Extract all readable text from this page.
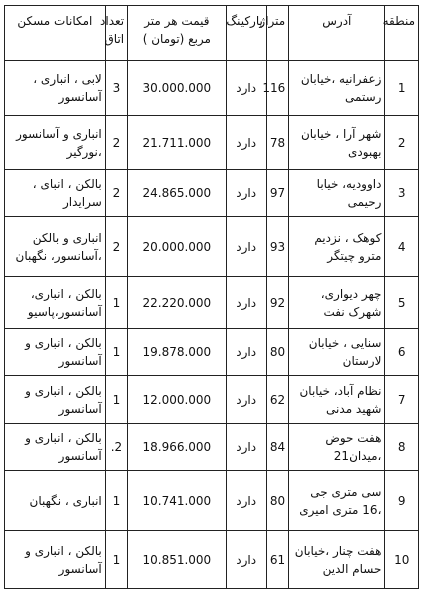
منطقه	آدرس	متراژ	پارکینگ	قیمت هر متر مربع (تومان )	تعداد اتاق	امکانات مسکن
1	زعفرانیه ،خیابان رستمی	116	دارد	30.000.000	3	لابی ، انباری ، آسانسور
2	شهر آرا ، خیابان بهبودی	78	دارد	21.711.000	2	انباری و آسانسور ،نورگیر
3	داوودیه، خیابا رحیمی	97	دارد	24.865.000	2	بالکن ، انبای ، سرایدار
4	کوهک ، نزدیم مترو چیتگر	93	دارد	20.000.000	2	انباری و بالکن ،آسانسور، نگهبان
5	چهر دیواری، شهرک نفت	92	دارد	22.220.000	1	بالکن ، انباری، آسانسور،پاسیو
6	سنایی ، خیابان لارستان	80	دارد	19.878.000	1	بالکن ، انباری و آسانسور
7	نظام آباد، خیابان شهید مدنی	62	دارد	12.000.000	1	بالکن ، انباری و آسانسور
8	هفت حوض ،میدان21	84	دارد	18.966.000	2.	بالکن ، انباری و آسانسور
9	سی متری جی ،16 متری امیری	80	دارد	10.741.000	1	انباری ، نگهبان
10	هفت چنار ،خیابان حسام الدین	61	دارد	10.851.000	1	بالکن ، انباری و آسانسور
